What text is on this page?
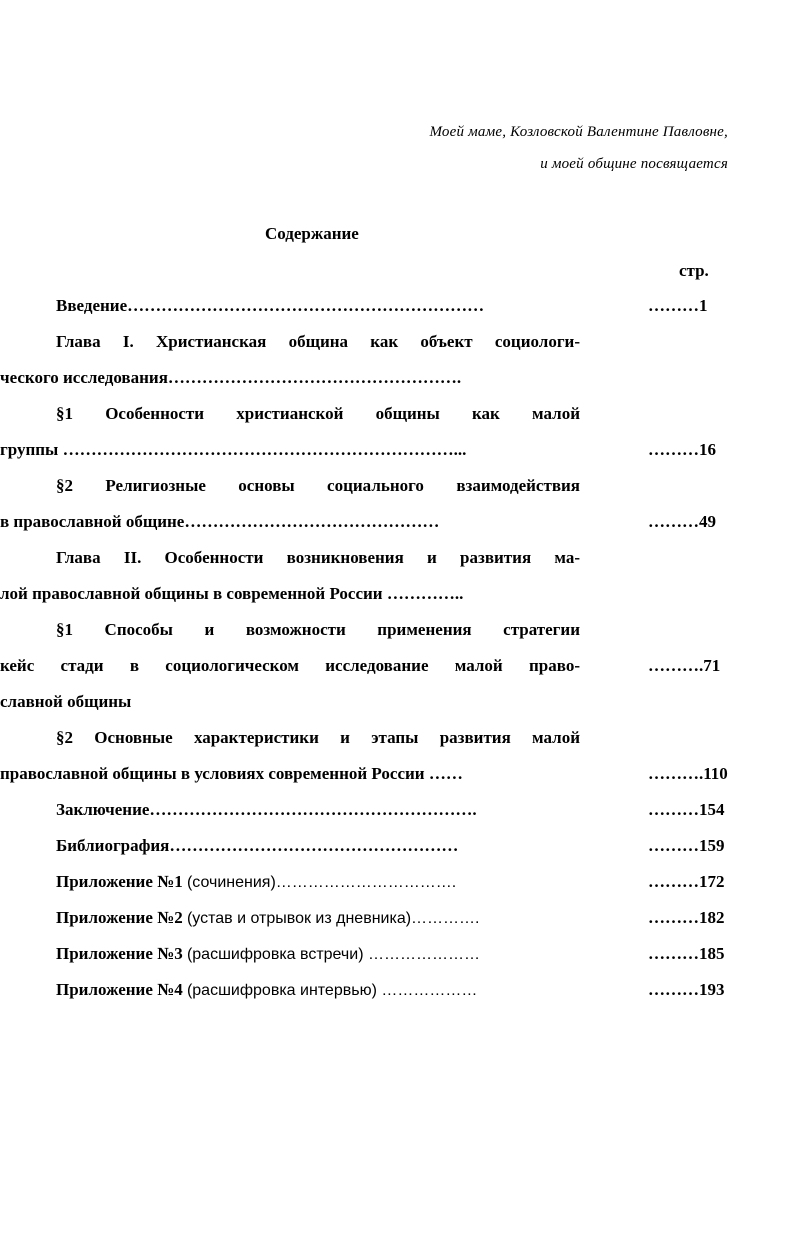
Моей маме, Козловской Валентине Павловне,
и моей общине посвящается
Содержание
стр.
Введение………………………………………………………
Глава I. Христианская община как объект социологи-
ческого исследования…………………………………………….
§1 Особенности христианской общины как малой
группы ……………………………………………………………...
§2 Религиозные основы социального взаимодействия
в православной общине………………………………………
Глава II. Особенности возникновения и развития ма-
лой православной общины в современной России …………..
§1 Способы и возможности применения стратегии
кейс стади в социологическом исследование малой право-
славной общины
§2 Основные характеристики и этапы развития малой
православной общины в условиях современной России ……
Заключение………………………………………………….
Библиография……………………………………………
Приложение №1 (сочинения)…………………………….
Приложение №2 (устав и отрывок из дневника)………….
Приложение №3 (расшифровка встречи) …………………
Приложение №4 (расшифровка интервью) ………………
………1
………16
………49
……….71
……….110
………154
………159
………172
………182
………185
………193
